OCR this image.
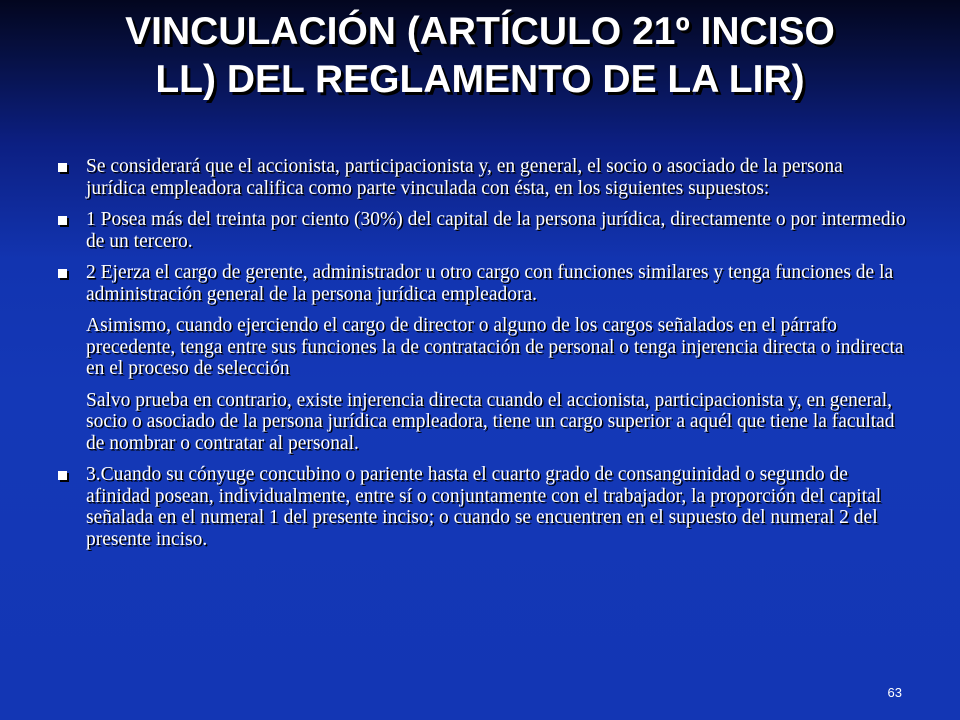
VINCULACIÓN (ARTÍCULO 21º INCISO
LL) DEL REGLAMENTO DE LA LIR)

Se considerará que el accionista, participacionista y, en general, el socio o asociado de la persona jurídica empleadora califica como parte vinculada con ésta, en los siguientes supuestos:

1 Posea más del treinta por ciento (30%) del capital de la persona jurídica, directamente o por intermedio de un tercero.

2 Ejerza el cargo de gerente, administrador u otro cargo con funciones similares y tenga funciones de la administración general de la persona jurídica empleadora.

Asimismo, cuando ejerciendo el cargo de director o alguno de los cargos señalados en el párrafo precedente, tenga entre sus funciones la de contratación de personal o tenga injerencia directa o indirecta en el proceso de selección

Salvo prueba en contrario, existe injerencia directa cuando el accionista, participacionista y, en general, socio o asociado de la persona jurídica empleadora, tiene un cargo superior a aquél que tiene la facultad de nombrar o contratar al personal.

3.Cuando su cónyuge concubino o pariente hasta el cuarto grado de consanguinidad o segundo de afinidad posean, individualmente, entre sí o conjuntamente con el trabajador, la proporción del capital señalada en el numeral 1 del presente inciso; o cuando se encuentren en el supuesto del numeral 2 del presente inciso.

63
